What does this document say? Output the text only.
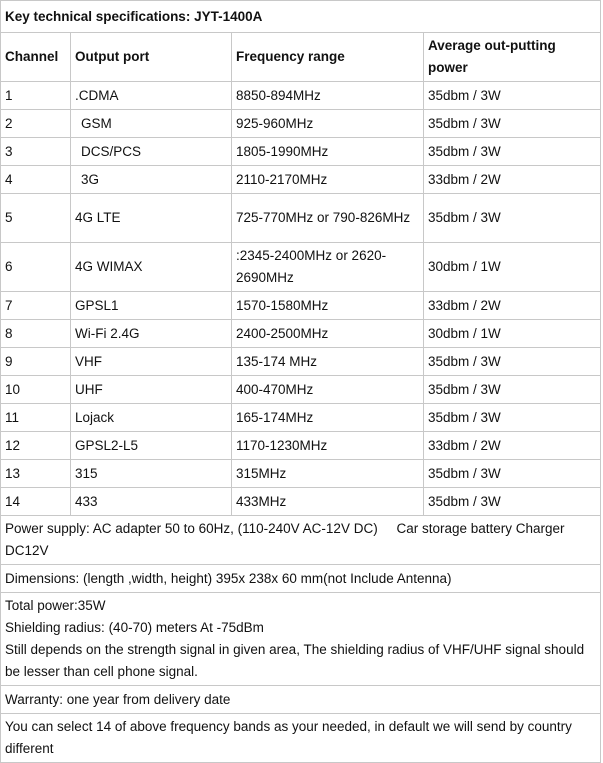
Key technical specifications: JYT-1400A			
Channel	Output port	Frequency range	Average out-putting power
1	.CDMA	8850-894MHz	35dbm / 3W
2	GSM	925-960MHz	35dbm / 3W
3	DCS/PCS	1805-1990MHz	35dbm / 3W
4	3G	2110-2170MHz	33dbm / 2W
5	4G LTE	725-770MHz or 790-826MHz	35dbm / 3W
6	4G WIMAX	:2345-2400MHz or 2620-2690MHz	30dbm / 1W
7	GPSL1	1570-1580MHz	33dbm / 2W
8	Wi-Fi 2.4G	2400-2500MHz	30dbm / 1W
9	VHF	135-174 MHz	35dbm / 3W
10	UHF	400-470MHz	35dbm / 3W
11	Lojack	165-174MHz	35dbm / 3W
12	GPSL2-L5	1170-1230MHz	33dbm / 2W
13	315	315MHz	35dbm / 3W
14	433	433MHz	35dbm / 3W
Power supply: AC adapter 50 to 60Hz, (110-240V AC-12V DC)     Car storage battery Charger DC12V			
Dimensions: (length ,width, height) 395x 238x 60 mm(not Include Antenna)			

Total power:35W
Shielding radius: (40-70) meters At -75dBm
Still depends on the strength signal in given area, The shielding radius of VHF/UHF signal should be lesser than cell phone signal.			

Warranty: one year from delivery date			
You can select 14 of above frequency bands as your needed, in default we will send by country different			
